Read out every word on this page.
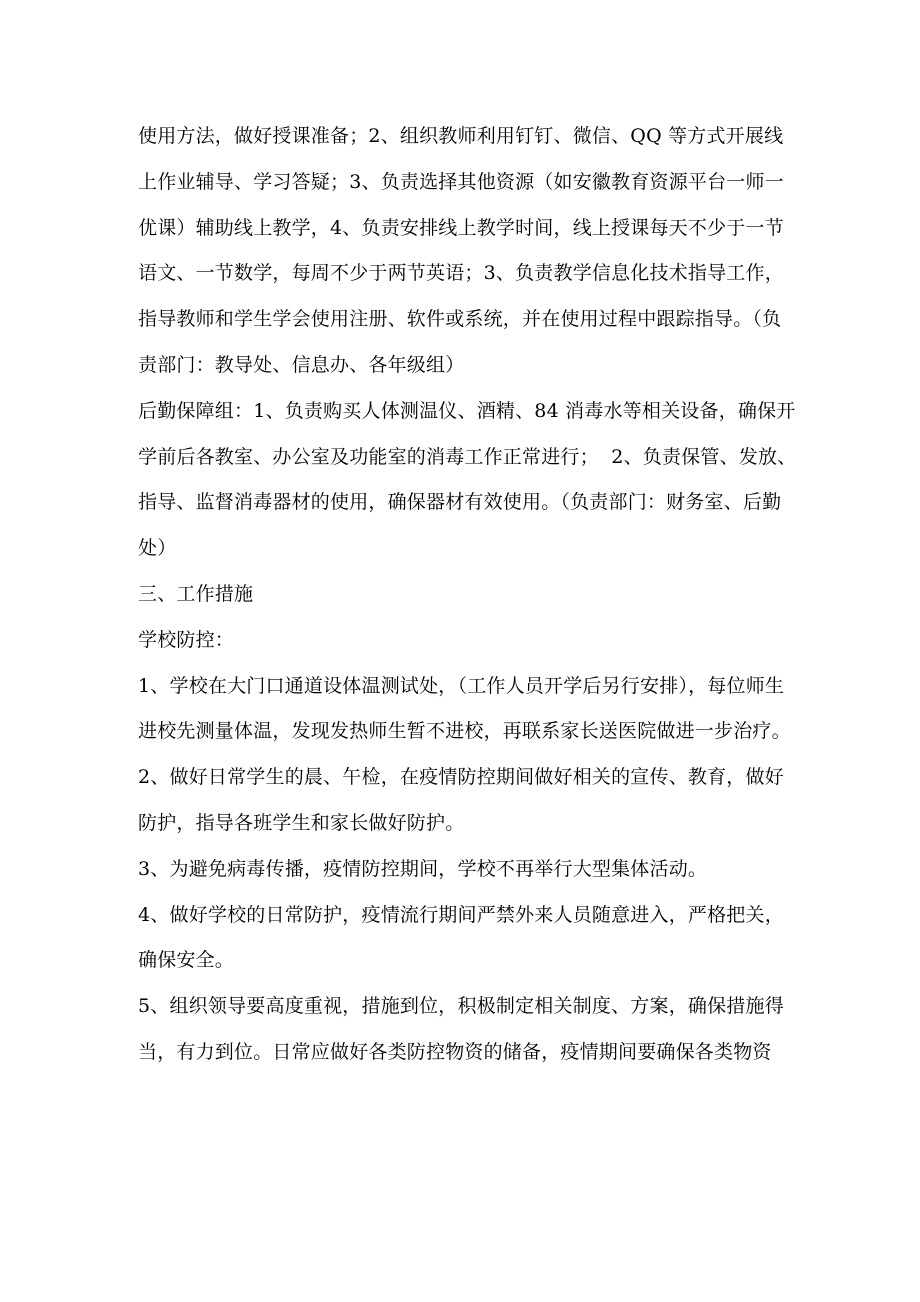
使用方法，做好授课准备；2、组织教师利用钉钉、微信、QQ 等方式开展线上作业辅导、学习答疑；3、负责选择其他资源（如安徽教育资源平台一师一优课）辅助线上教学，4、负责安排线上教学时间，线上授课每天不少于一节语文、一节数学，每周不少于两节英语；3、负责教学信息化技术指导工作，指导教师和学生学会使用注册、软件或系统，并在使用过程中跟踪指导。（负责部门：教导处、信息办、各年级组）

后勤保障组：1、负责购买人体测温仪、酒精、84 消毒水等相关设备，确保开学前后各教室、办公室及功能室的消毒工作正常进行；  2、负责保管、发放、指导、监督消毒器材的使用，确保器材有效使用。（负责部门：财务室、后勤处）

三、工作措施

学校防控：

1、学校在大门口通道设体温测试处，（工作人员开学后另行安排），每位师生进校先测量体温，发现发热师生暂不进校，再联系家长送医院做进一步治疗。

2、做好日常学生的晨、午检，在疫情防控期间做好相关的宣传、教育，做好防护，指导各班学生和家长做好防护。

3、为避免病毒传播，疫情防控期间，学校不再举行大型集体活动。

4、做好学校的日常防护，疫情流行期间严禁外来人员随意进入，严格把关，确保安全。

5、组织领导要高度重视，措施到位，积极制定相关制度、方案，确保措施得当，有力到位。日常应做好各类防控物资的储备，疫情期间要确保各类物资
